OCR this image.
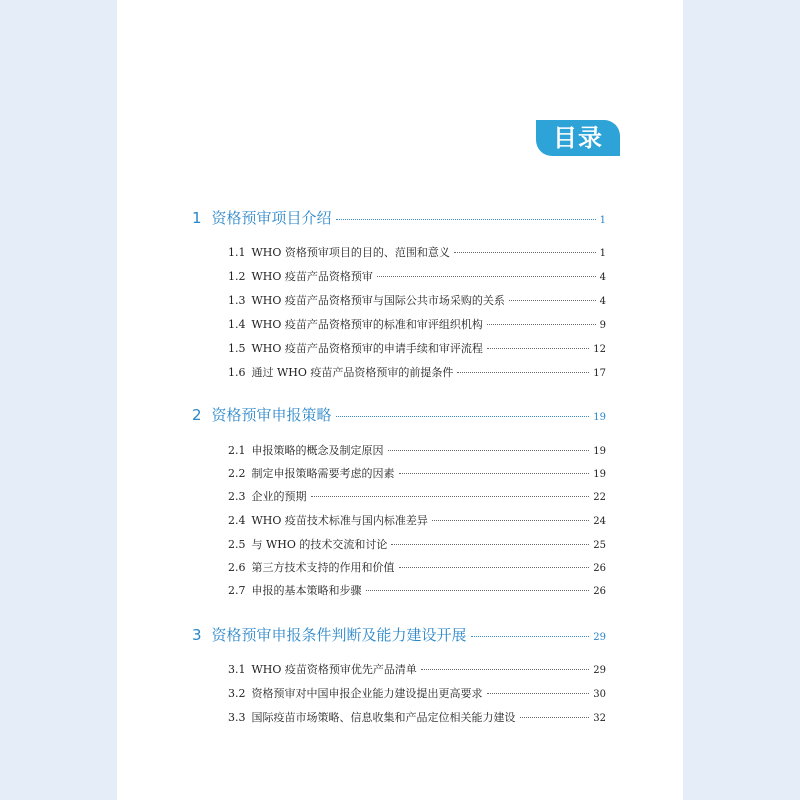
目录
1 资格预审项目介绍	1
1.1 WHO 资格预审项目的目的、范围和意义	1
1.2 WHO 疫苗产品资格预审	4
1.3 WHO 疫苗产品资格预审与国际公共市场采购的关系	4
1.4 WHO 疫苗产品资格预审的标准和审评组织机构	9
1.5 WHO 疫苗产品资格预审的申请手续和审评流程	12
1.6 通过 WHO 疫苗产品资格预审的前提条件	17
2 资格预审申报策略	19
2.1 申报策略的概念及制定原因	19
2.2 制定申报策略需要考虑的因素	19
2.3 企业的预期	22
2.4 WHO 疫苗技术标准与国内标准差异	24
2.5 与 WHO 的技术交流和讨论	25
2.6 第三方技术支持的作用和价值	26
2.7 申报的基本策略和步骤	26
3 资格预审申报条件判断及能力建设开展	29
3.1 WHO 疫苗资格预审优先产品清单	29
3.2 资格预审对中国申报企业能力建设提出更高要求	30
3.3 国际疫苗市场策略、信息收集和产品定位相关能力建设	32
